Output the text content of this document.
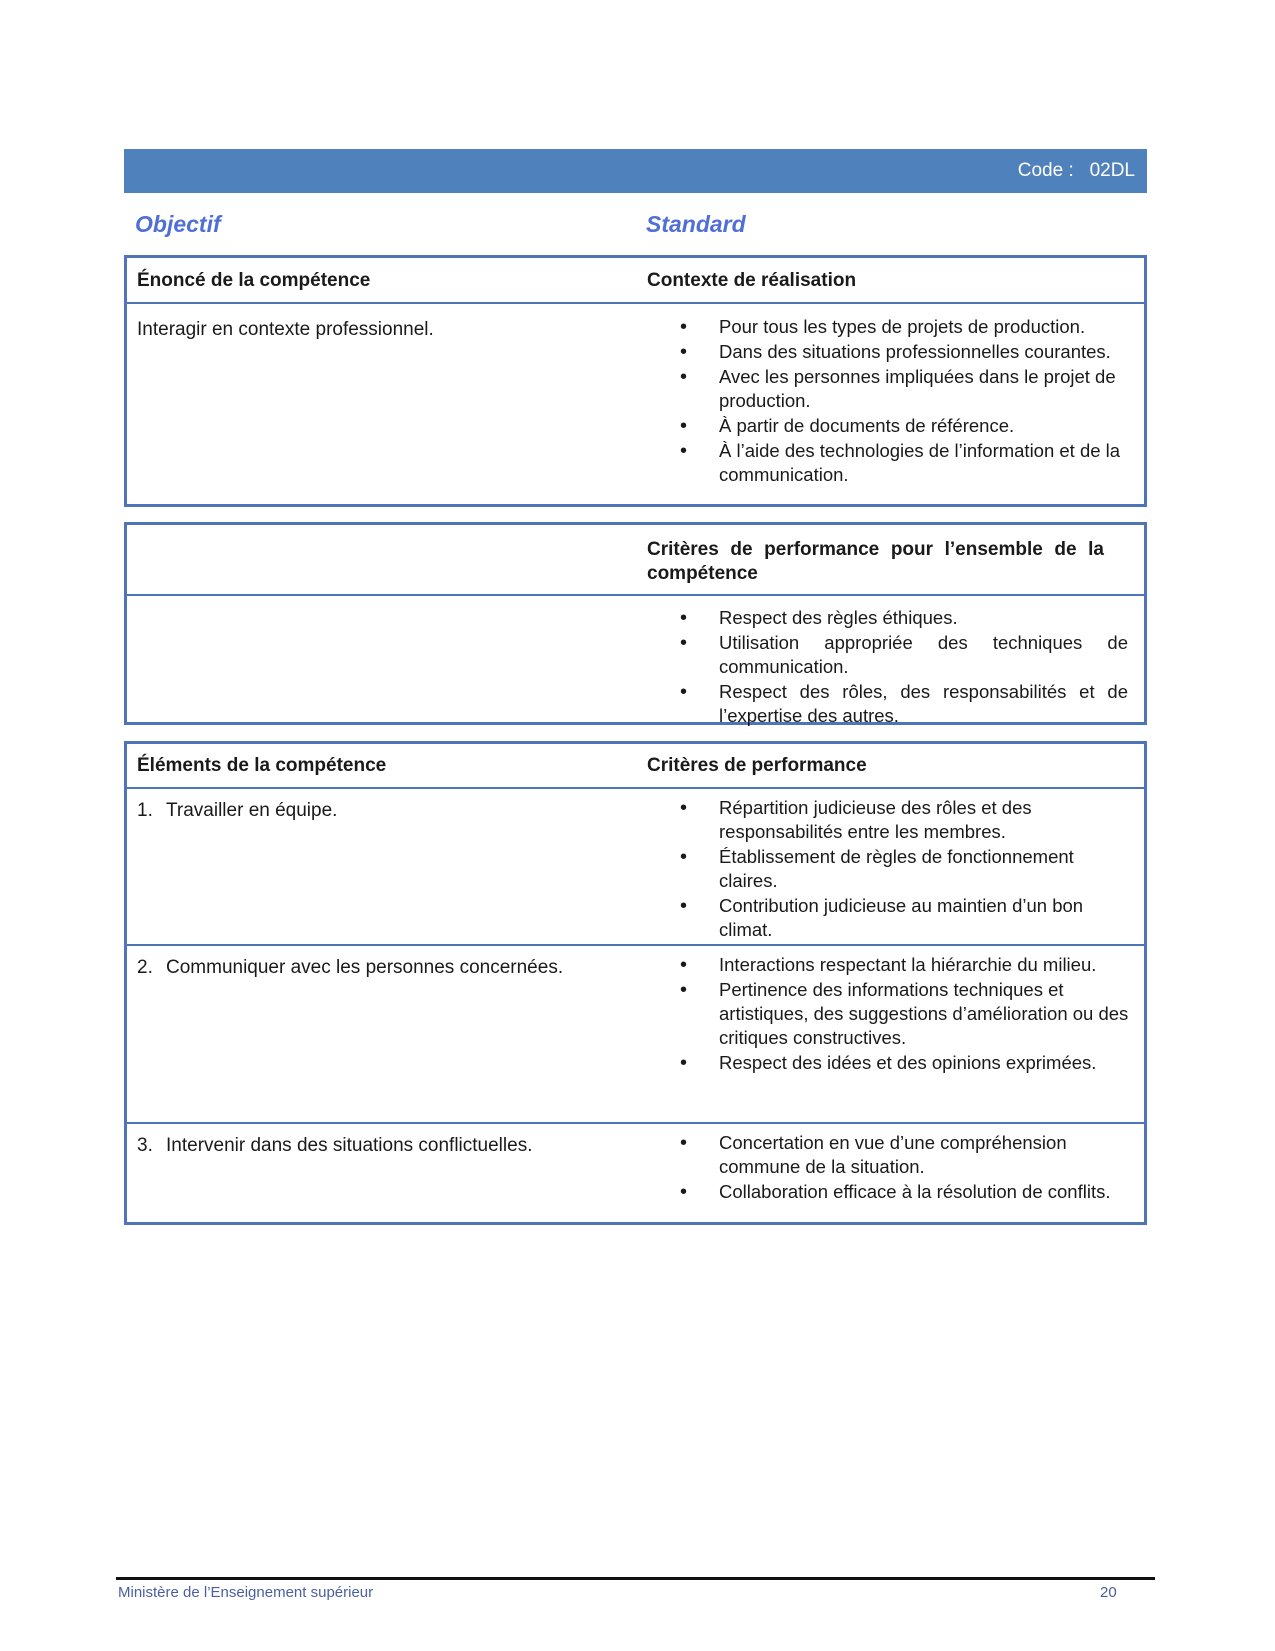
Code :   02DL
Objectif	Standard
Énoncé de la compétence	Contexte de réalisation
Interagir en contexte professionnel.	• Pour tous les types de projets de production.
• Dans des situations professionnelles courantes.
• Avec les personnes impliquées dans le projet de production.
• À partir de documents de référence.
• À l’aide des technologies de l’information et de la communication.
Critères de performance pour l’ensemble de la compétence
• Respect des règles éthiques.
• Utilisation appropriée des techniques de communication.
• Respect des rôles, des responsabilités et de l’expertise des autres.
Éléments de la compétence	Critères de performance
1. Travailler en équipe.	• Répartition judicieuse des rôles et des responsabilités entre les membres.
• Établissement de règles de fonctionnement claires.
• Contribution judicieuse au maintien d’un bon climat.
2. Communiquer avec les personnes concernées.	• Interactions respectant la hiérarchie du milieu.
• Pertinence des informations techniques et artistiques, des suggestions d’amélioration ou des critiques constructives.
• Respect des idées et des opinions exprimées.
3. Intervenir dans des situations conflictuelles.	• Concertation en vue d’une compréhension commune de la situation.
• Collaboration efficace à la résolution de conflits.
Ministère de l’Enseignement supérieur	20
